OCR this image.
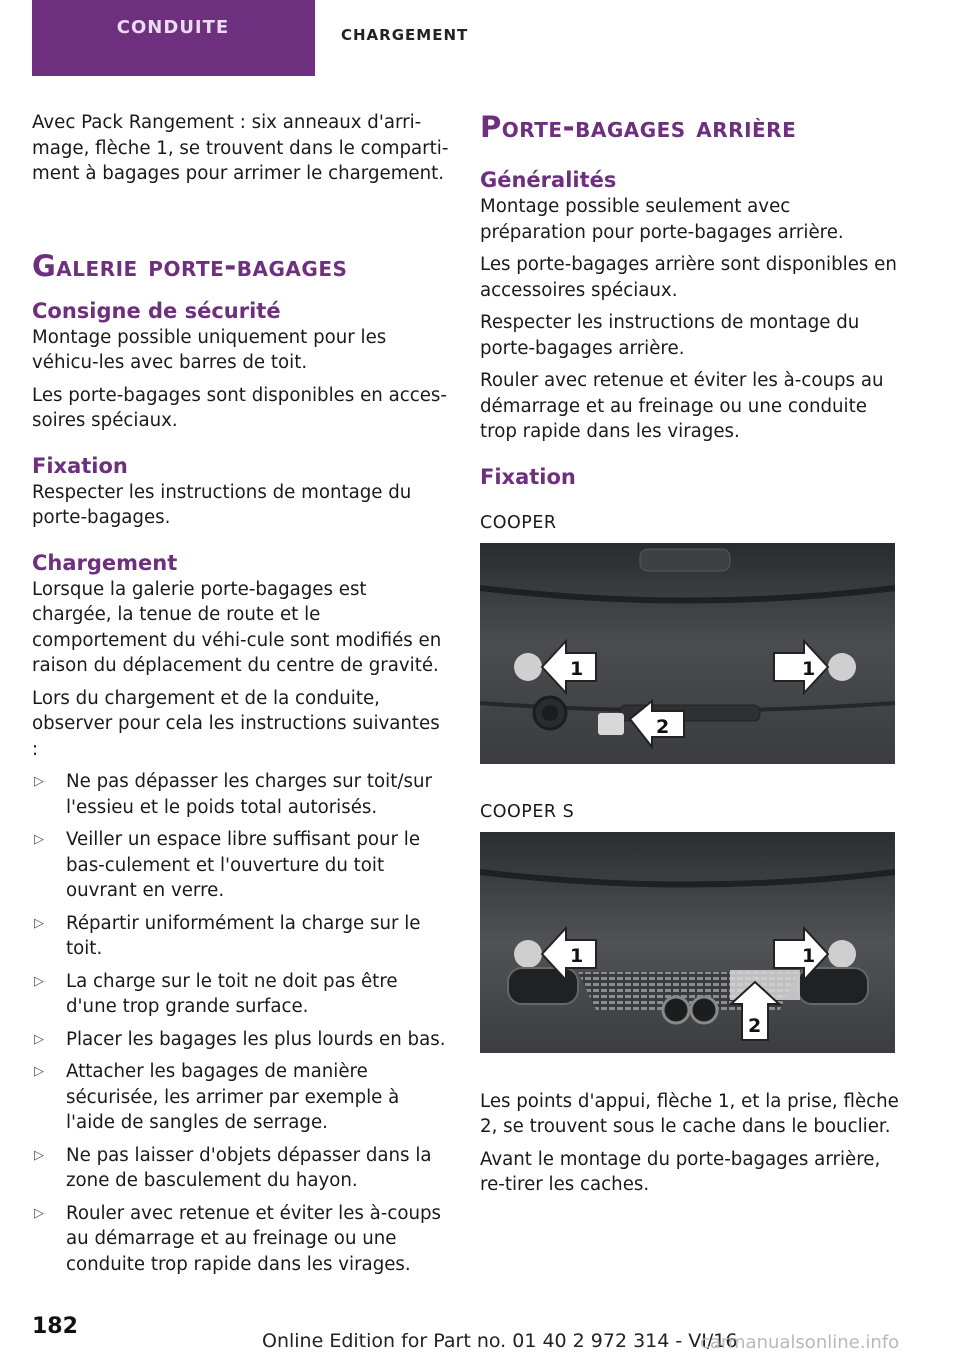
CONDUITE	CHARGEMENT

Avec Pack Rangement : six anneaux d'arri‐mage, flèche 1, se trouvent dans le comparti‐ment à bagages pour arrimer le chargement.

Galerie porte-bagages
Consigne de sécurité

Montage possible uniquement pour les véhicu‐les avec barres de toit.

Les porte-bagages sont disponibles en acces‐soires spéciaux.

Fixation

Respecter les instructions de montage du porte-bagages.

Chargement

Lorsque la galerie porte-bagages est chargée, la tenue de route et le comportement du véhi‐cule sont modifiés en raison du déplacement du centre de gravité.

Lors du chargement et de la conduite, observer pour cela les instructions suivantes :

▷ Ne pas dépasser les charges sur toit/sur l'essieu et le poids total autorisés.
▷ Veiller un espace libre suffisant pour le bas‐culement et l'ouverture du toit ouvrant en verre.
▷ Répartir uniformément la charge sur le toit.
▷ La charge sur le toit ne doit pas être d'une trop grande surface.
▷ Placer les bagages les plus lourds en bas.
▷ Attacher les bagages de manière sécurisée, les arrimer par exemple à l'aide de sangles de serrage.
▷ Ne pas laisser d'objets dépasser dans la zone de basculement du hayon.
▷ Rouler avec retenue et éviter les à-coups au démarrage et au freinage ou une conduite trop rapide dans les virages.
Porte-bagages arrière
Généralités

Montage possible seulement avec préparation pour porte-bagages arrière.

Les porte-bagages arrière sont disponibles en accessoires spéciaux.

Respecter les instructions de montage du porte-bagages arrière.

Rouler avec retenue et éviter les à-coups au démarrage et au freinage ou une conduite trop rapide dans les virages.

Fixation
COOPER
1	1
2
COOPER S
1	1
2

Les points d'appui, flèche 1, et la prise, flèche 2, se trouvent sous le cache dans le bouclier.

Avant le montage du porte-bagages arrière, re‐tirer les caches.

182
Online Edition for Part no. 01 40 2 972 314 - VI/16
carmanualsonline.info
